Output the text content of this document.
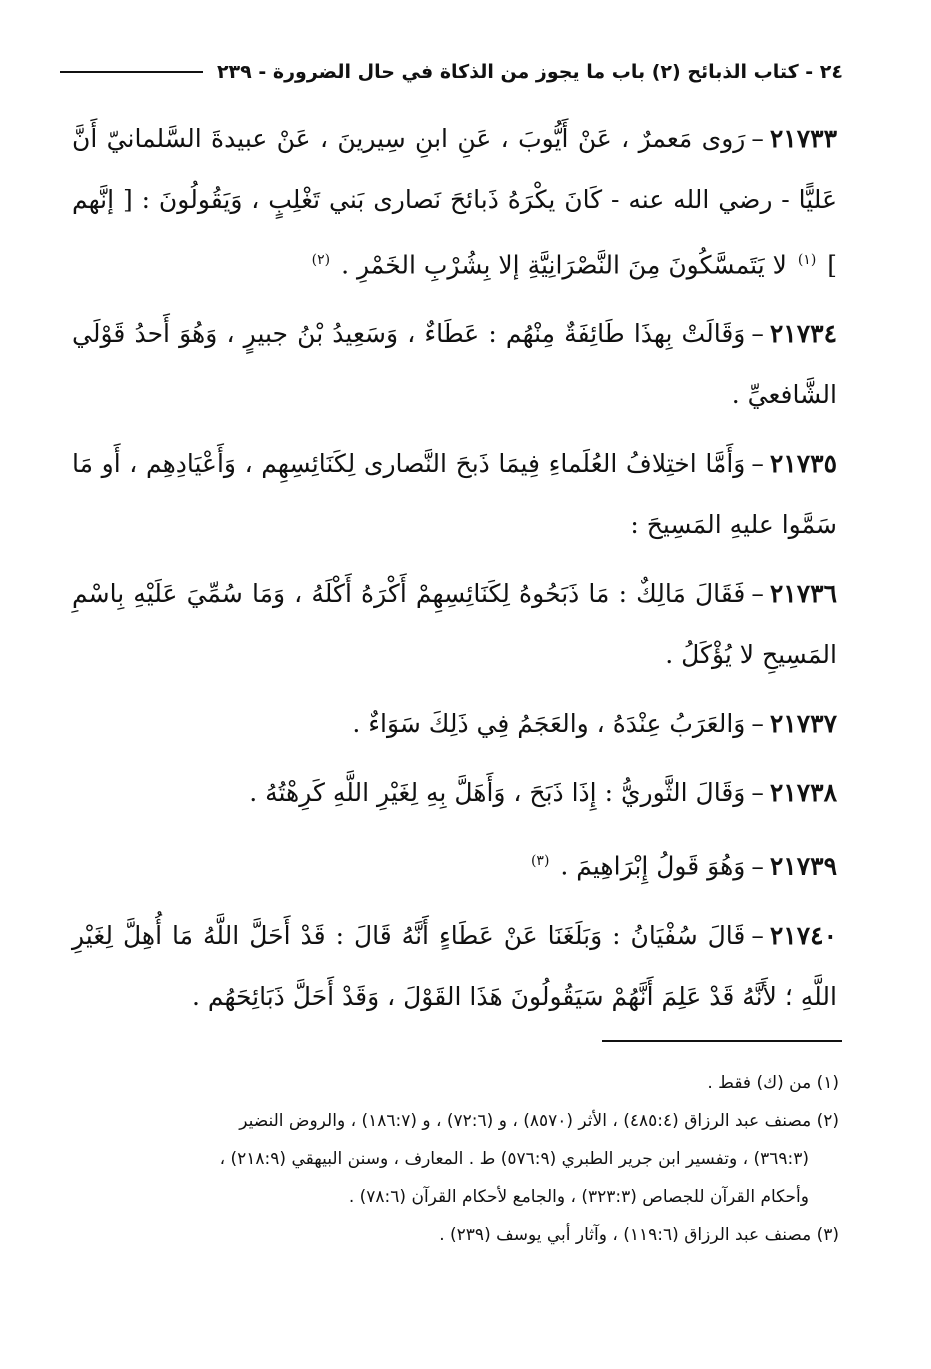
٢٤ - كتاب الذبائح (٢) باب ما يجوز من الذكاة في حال الضرورة - ٢٣٩

٢١٧٣٣–رَوى مَعمرٌ ، عَنْ أَيُّوبَ ، عَنِ ابنِ سِيرينَ ، عَنْ عبيدةَ السَّلمانيّ أَنَّ عَليًّا - رضي الله عنه - كَانَ يكْرَهُ ذَبائحَ نَصارى بَني تَغْلِبٍ ، وَيَقُولُونَ : [ إنَّهم ] $^{(١)}$ لا يَتَمسَّكُونَ مِنَ النَّصْرَانِيَّةِ إلا بِشُرْبِ الخَمْرِ . $^{(٢)}$

٢١٧٣٤–وَقَالَتْ بِهذَا طَائِفَةٌ مِنْهُم : عَطَاءٌ ، وَسَعِيدُ بْنُ جبيرٍ ، وَهُوَ أَحدُ قَوْلَي الشَّافعيِّ .

٢١٧٣٥–وَأَمَّا اختِلافُ العُلَماءِ فِيمَا ذَبحَ النَّصارى لِكَنَائِسِهِم ، وَأَعْيَادِهِم ، أَو مَا سَمَّوا عليهِ المَسِيحَ :

٢١٧٣٦–فَقَالَ مَالِكٌ : مَا ذَبَحُوهُ لِكَنَائِسِهِمْ أَكْرَهُ أَكْلَهُ ، وَمَا سُمِّيَ عَلَيْهِ بِاسْمِ المَسِيحِ لا يُؤْكَلُ .

٢١٧٣٧–وَالعَرَبُ عِنْدَهُ ، والعَجَمُ فِي ذَلِكَ سَوَاءٌ .

٢١٧٣٨–وَقَالَ الثَّوريُّ : إِذَا ذَبَحَ ، وَأَهَلَّ بِهِ لِغَيْرِ اللَّهِ كَرِهْتُهُ .

٢١٧٣٩–وَهُوَ قَولُ إِبْرَاهِيمَ . $^{(٣)}$

٢١٧٤٠–قَالَ سُفْيَانُ : وَبَلَغَنَا عَنْ عَطَاءٍ أَنَّهُ قَالَ : قَدْ أَحَلَّ اللَّهُ مَا أُهِلَّ لِغَيْرِ اللَّهِ ؛ لأَنَّهُ قَدْ عَلِمَ أَنَّهُمْ سَيَقُولُونَ هَذَا القَوْلَ ، وَقَدْ أَحَلَّ ذَبَائِحَهُم .

(١) من (ك) فقط .

(٢) مصنف عبد الرزاق (٤٨٥:٤) ، الأثر (٨٥٧٠) ، و (٧٢:٦) ، و (١٨٦:٧) ، والروض النضير

(٣٦٩:٣) ، وتفسير ابن جرير الطبري (٥٧٦:٩) ط . المعارف ، وسنن البيهقي (٢١٨:٩) ،

وأحكام القرآن للجصاص (٣٢٣:٣) ، والجامع لأحكام القرآن (٧٨:٦) .

(٣) مصنف عبد الرزاق (١١٩:٦) ، وآثار أبي يوسف (٢٣٩) .
